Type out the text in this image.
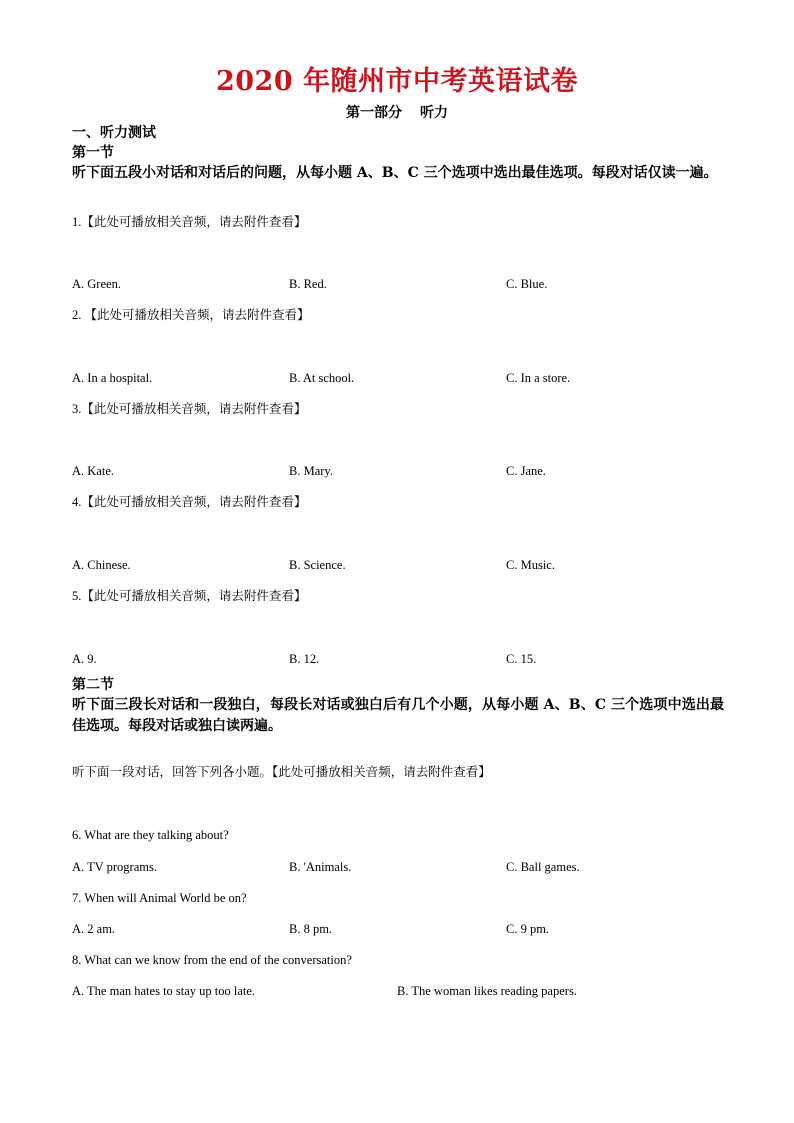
2020 年随州市中考英语试卷
第一部分 听力
一、听力测试
第一节
听下面五段小对话和对话后的问题，从每小题 A、B、C 三个选项中选出最佳选项。每段对话仅读一遍。
1.【此处可播放相关音频，请去附件查看】
A. Green.	B. Red.	C. Blue.
2. 【此处可播放相关音频，请去附件查看】
A. In a hospital.	B. At school.	C. In a store.
3.【此处可播放相关音频，请去附件查看】
A. Kate.	B. Mary.	C. Jane.
4.【此处可播放相关音频，请去附件查看】
A. Chinese.	B. Science.	C. Music.
5.【此处可播放相关音频，请去附件查看】
A. 9.	B. 12.	C. 15.
第二节
听下面三段长对话和一段独白，每段长对话或独白后有几个小题，从每小题 A、B、C 三个选项中选出最佳选项。每段对话或独白读两遍。
听下面一段对话，回答下列各小题。【此处可播放相关音频，请去附件查看】
6. What are they talking about?
A. TV programs.	B. 'Animals.	C. Ball games.
7. When will Animal World be on?
A. 2 am.	B. 8 pm.	C. 9 pm.
8. What can we know from the end of the conversation?
A. The man hates to stay up too late.	B. The woman likes reading papers.
